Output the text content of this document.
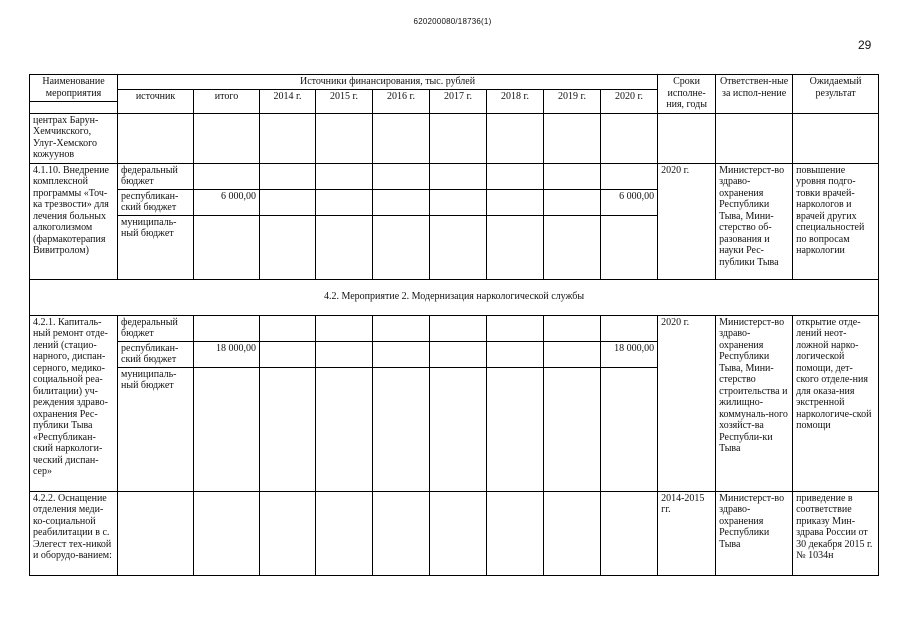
620200080/18736(1)
29
Наименование мероприятия	Источники финансирования, тыс. рублей									Сроки исполне-ния, годы	Ответствен-ные за испол-нение	Ожидаемый результат
	источник	итого	2014 г.	2015 г.	2016 г.	2017 г.	2018 г.	2019 г.	2020 г.			

центрах Барун-Хемчикского, Улуг-Хемского кожуунов												
4.1.10. Внедрение комплексной программы «Точ-ка трезвости» для лечения больных алкоголизмом (фармакотерапия Вивитролом)	федеральный бюджет									2020 г.	Министерст-во здраво-охранения Республики Тыва, Мини-стерство об-разования и науки Рес-публики Тыва	повышение уровня подго-товки врачей-наркологов и врачей других специальностей по вопросам наркологии
	республикан-ский бюджет	6 000,00							6 000,00			
	муниципаль-ный бюджет											
4.2. Мероприятие 2. Модернизация наркологической службы												
4.2.1. Капиталь-ный ремонт отде-лений (стацио-нарного, диспан-серного, медико-социальной реа-билитации) уч-реждения здраво-охранения Рес-публики Тыва «Республикан-ский наркологи-ческий диспан-сер»	федеральный бюджет									2020 г.	Министерст-во здраво-охранения Республики Тыва, Мини-стерство строительства и жилищно-коммуналь-ного хозяйст-ва Республи-ки Тыва	открытие отде-лений неот-ложной нарко-логической помощи, дет-ского отделе-ния для оказа-ния экстренной наркологиче-ской помощи
	республикан-ский бюджет	18 000,00							18 000,00			
	муниципаль-ный бюджет											
4.2.2. Оснащение отделения меди-ко-социальной реабилитации в с. Элегест тех-никой и оборудо-ванием:										2014-2015 гг.	Министерст-во здраво-охранения Республики Тыва	приведение в соответствие приказу Мин-здрава России от 30 декабря 2015 г. № 1034н
